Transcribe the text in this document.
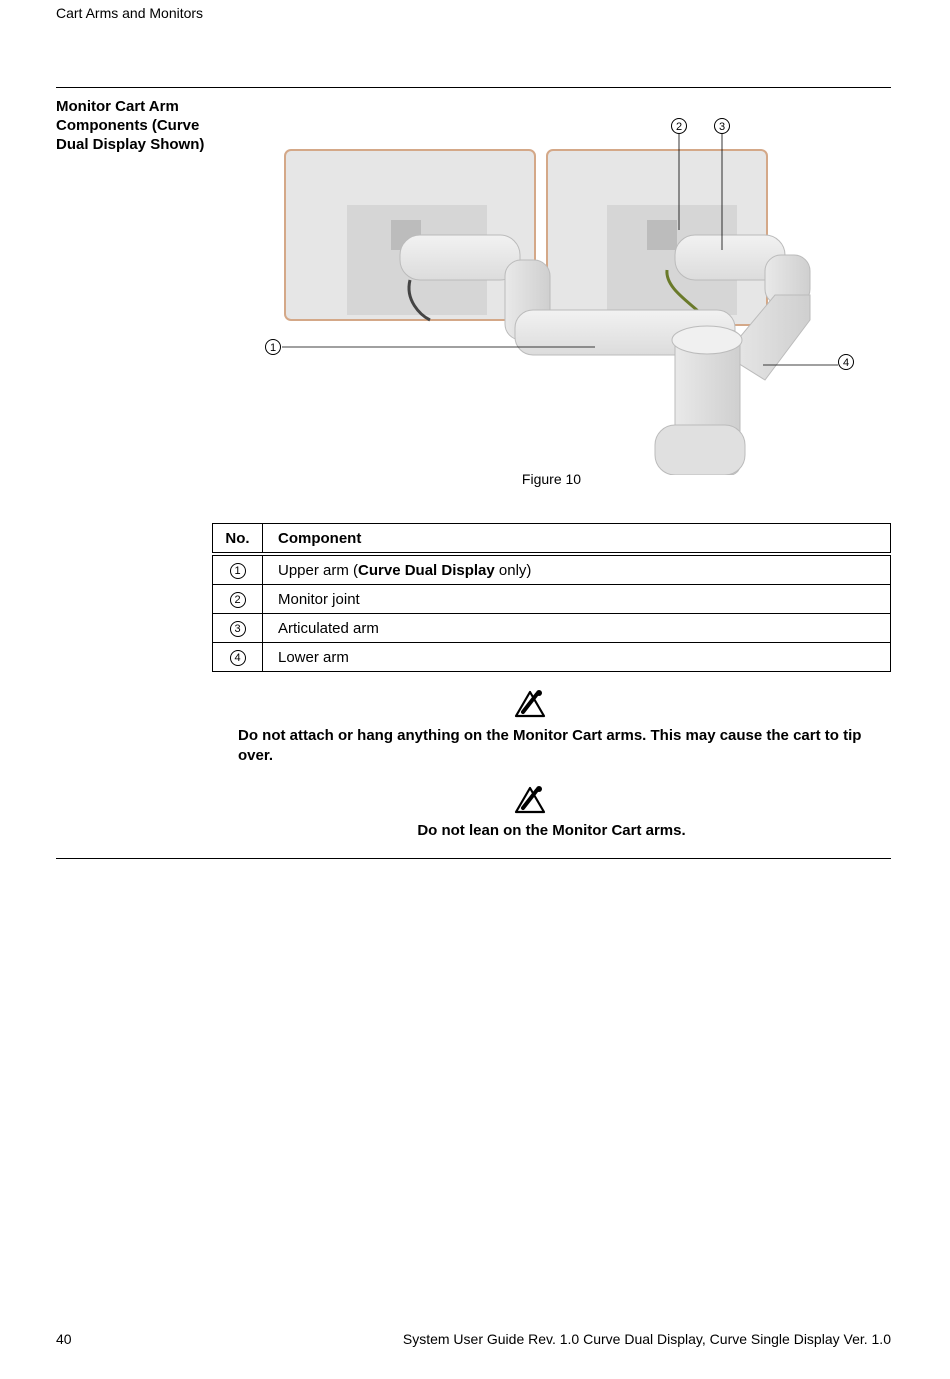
Cart Arms and Monitors
Monitor Cart Arm Components (Curve Dual Display Shown)
1
2	3
4
Figure 10
No.	Component
1	Upper arm (Curve Dual Display only)
2	Monitor joint
3	Articulated arm
4	Lower arm
Do not attach or hang anything on the Monitor Cart arms. This may cause the cart to tip over.
Do not lean on the Monitor Cart arms.
40	System User Guide Rev. 1.0 Curve Dual Display, Curve Single Display Ver. 1.0
